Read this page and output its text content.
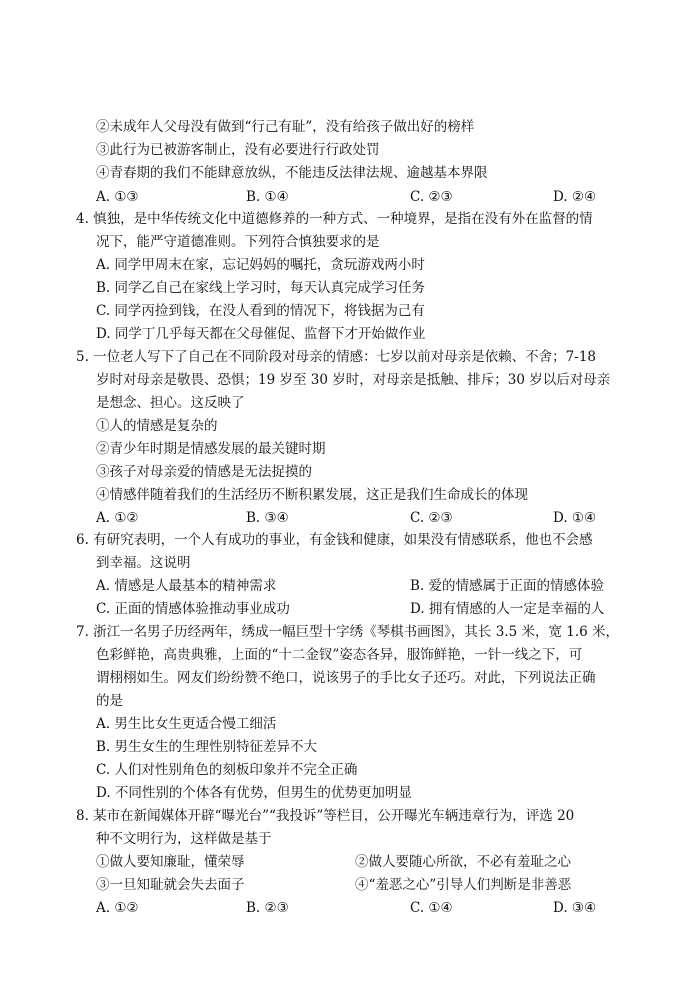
②未成年人父母没有做到“行己有耻”，没有给孩子做出好的榜样
③此行为已被游客制止，没有必要进行行政处罚
④青春期的我们不能肆意放纵，不能违反法律法规、逾越基本界限
A. ①③	B. ①④	C. ②③	D. ②④
4. 慎独，是中华传统文化中道德修养的一种方式、一种境界，是指在没有外在监督的情
况下，能严守道德准则。下列符合慎独要求的是
A. 同学甲周末在家，忘记妈妈的嘱托，贪玩游戏两小时
B. 同学乙自己在家线上学习时，每天认真完成学习任务
C. 同学丙捡到钱，在没人看到的情况下，将钱据为己有
D. 同学丁几乎每天都在父母催促、监督下才开始做作业
5. 一位老人写下了自己在不同阶段对母亲的情感：七岁以前对母亲是依赖、不舍；7-18
岁时对母亲是敬畏、恐惧；19 岁至 30 岁时，对母亲是抵触、排斥；30 岁以后对母亲
是想念、担心。这反映了
①人的情感是复杂的
②青少年时期是情感发展的最关键时期
③孩子对母亲爱的情感是无法捉摸的
④情感伴随着我们的生活经历不断积累发展，这正是我们生命成长的体现
A. ①②	B. ③④	C. ②③	D. ①④
6. 有研究表明，一个人有成功的事业，有金钱和健康，如果没有情感联系，他也不会感
到幸福。这说明
A. 情感是人最基本的精神需求	B. 爱的情感属于正面的情感体验
C. 正面的情感体验推动事业成功	D. 拥有情感的人一定是幸福的人
7. 浙江一名男子历经两年，绣成一幅巨型十字绣《琴棋书画图》，其长 3.5 米，宽 1.6 米，
色彩鲜艳，高贵典雅，上面的“十二金钗”姿态各异，服饰鲜艳，一针一线之下，可
谓栩栩如生。网友们纷纷赞不绝口，说该男子的手比女子还巧。对此，下列说法正确
的是
A. 男生比女生更适合慢工细活
B. 男生女生的生理性别特征差异不大
C. 人们对性别角色的刻板印象并不完全正确
D. 不同性别的个体各有优势，但男生的优势更加明显
8. 某市在新闻媒体开辟“曝光台”“我投诉”等栏目，公开曝光车辆违章行为，评选 20
种不文明行为，这样做是基于
①做人要知廉耻，懂荣辱	②做人要随心所欲，不必有羞耻之心
③一旦知耻就会失去面子	④“羞恶之心”引导人们判断是非善恶
A. ①②	B. ②③	C. ①④	D. ③④
